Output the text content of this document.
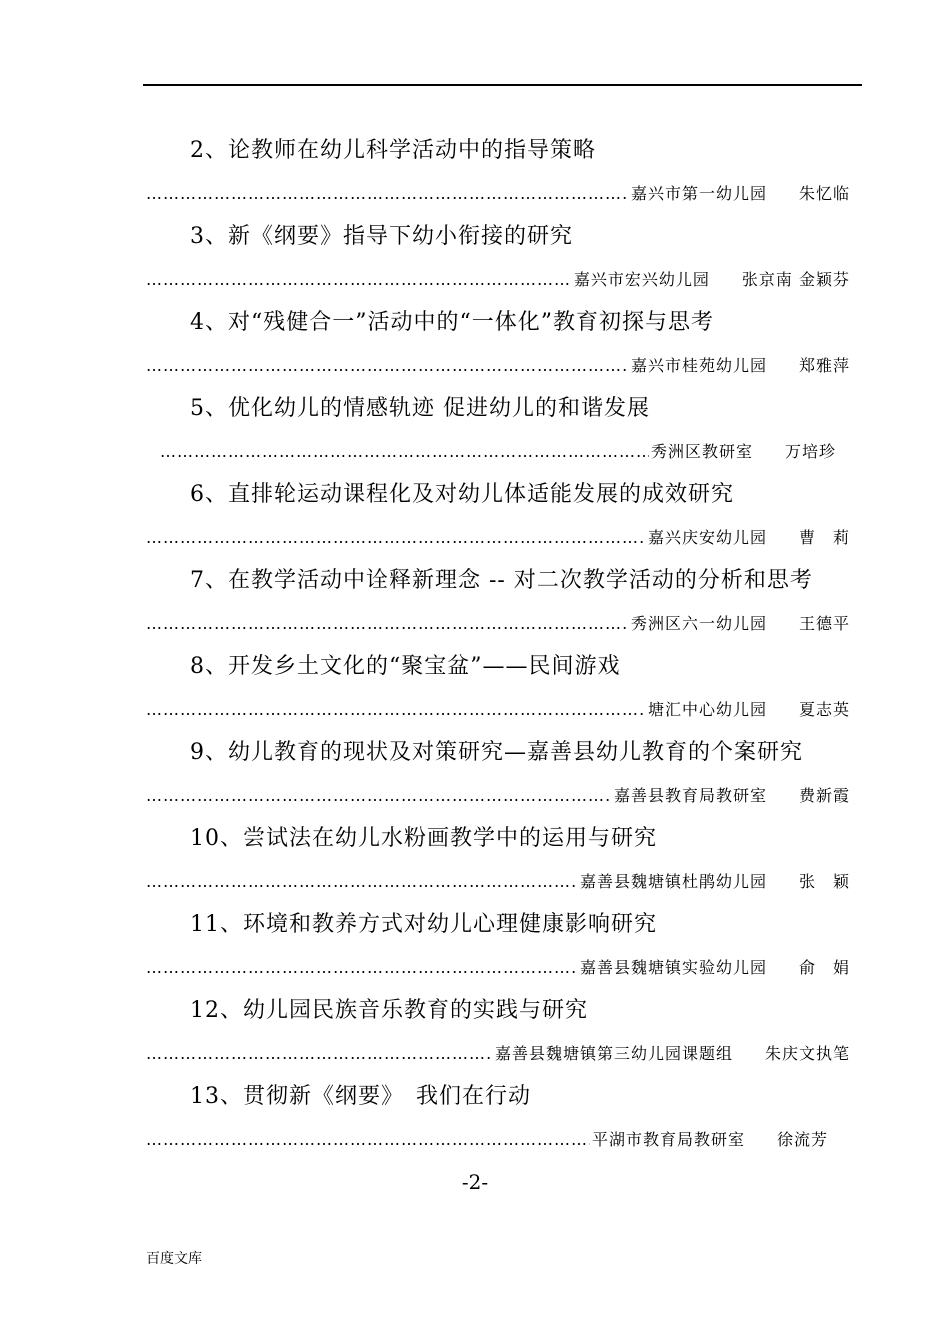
2、论教师在幼儿科学活动中的指导策略
……………………………………………………………………………………………………………………………………
嘉兴市第一幼儿园	朱忆临
3、新《纲要》指导下幼小衔接的研究
……………………………………………………………………………………………………………………………………
嘉兴市宏兴幼儿园	张京南 金颖芬
4、对“残健合一”活动中的“一体化”教育初探与思考
……………………………………………………………………………………………………………………………………
嘉兴市桂苑幼儿园	郑雅萍
5、优化幼儿的情感轨迹 促进幼儿的和谐发展
……………………………………………………………………………………………………………………………………
秀洲区教研室	万培珍
6、直排轮运动课程化及对幼儿体适能发展的成效研究
……………………………………………………………………………………………………………………………………
嘉兴庆安幼儿园	曹　莉
7、在教学活动中诠释新理念 -- 对二次教学活动的分析和思考
……………………………………………………………………………………………………………………………………
秀洲区六一幼儿园	王德平
8、开发乡土文化的“聚宝盆”——民间游戏
……………………………………………………………………………………………………………………………………
塘汇中心幼儿园	夏志英
9、幼儿教育的现状及对策研究—嘉善县幼儿教育的个案研究
……………………………………………………………………………………………………………………………………
嘉善县教育局教研室	费新霞
10、尝试法在幼儿水粉画教学中的运用与研究
……………………………………………………………………………………………………………………………………
嘉善县魏塘镇杜鹃幼儿园	张　颖
11、环境和教养方式对幼儿心理健康影响研究
……………………………………………………………………………………………………………………………………
嘉善县魏塘镇实验幼儿园	俞　娟
12、幼儿园民族音乐教育的实践与研究
……………………………………………………………………………………………………………………………………
嘉善县魏塘镇第三幼儿园课题组	朱庆文执笔
13、贯彻新《纲要》　我们在行动
……………………………………………………………………………………………………………………………………
平湖市教育局教研室	徐流芳
-2-
百度文库
